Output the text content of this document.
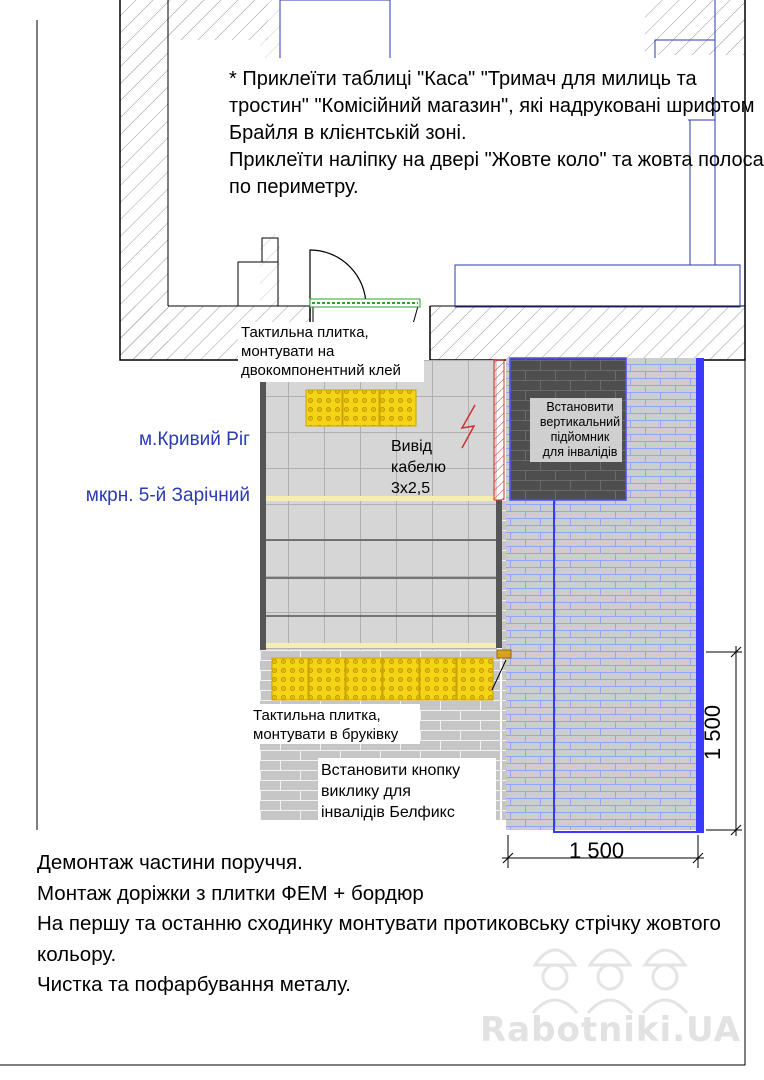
* Приклеїти таблиці "Каса" "Тримач для милиць та тростин" "Комісійний магазин", які надруковані шрифтом Брайля в клієнтській зоні.
Приклеїти наліпку на двері "Жовте коло" та жовта полоса по периметру.

м.Кривий Ріг

мкрн. 5-й Зарічний

Тактильна плитка,
монтувати на
двокомпонентний клей
Вивід
кабелю
3х2,5
Встановити
вертикальний
підйомник
для інвалідів
Тактильна плитка,
монтувати в бруківку
Встановити кнопку
виклику для
інвалідів Белфикс
1 500
1 500
Демонтаж частини поруччя.
Монтаж доріжки з плитки ФЕМ + бордюр
На першу та останню сходинку монтувати протиковську стрічку жовтого кольору.
Чистка та пофарбування металу.
Rabotniki.UA
